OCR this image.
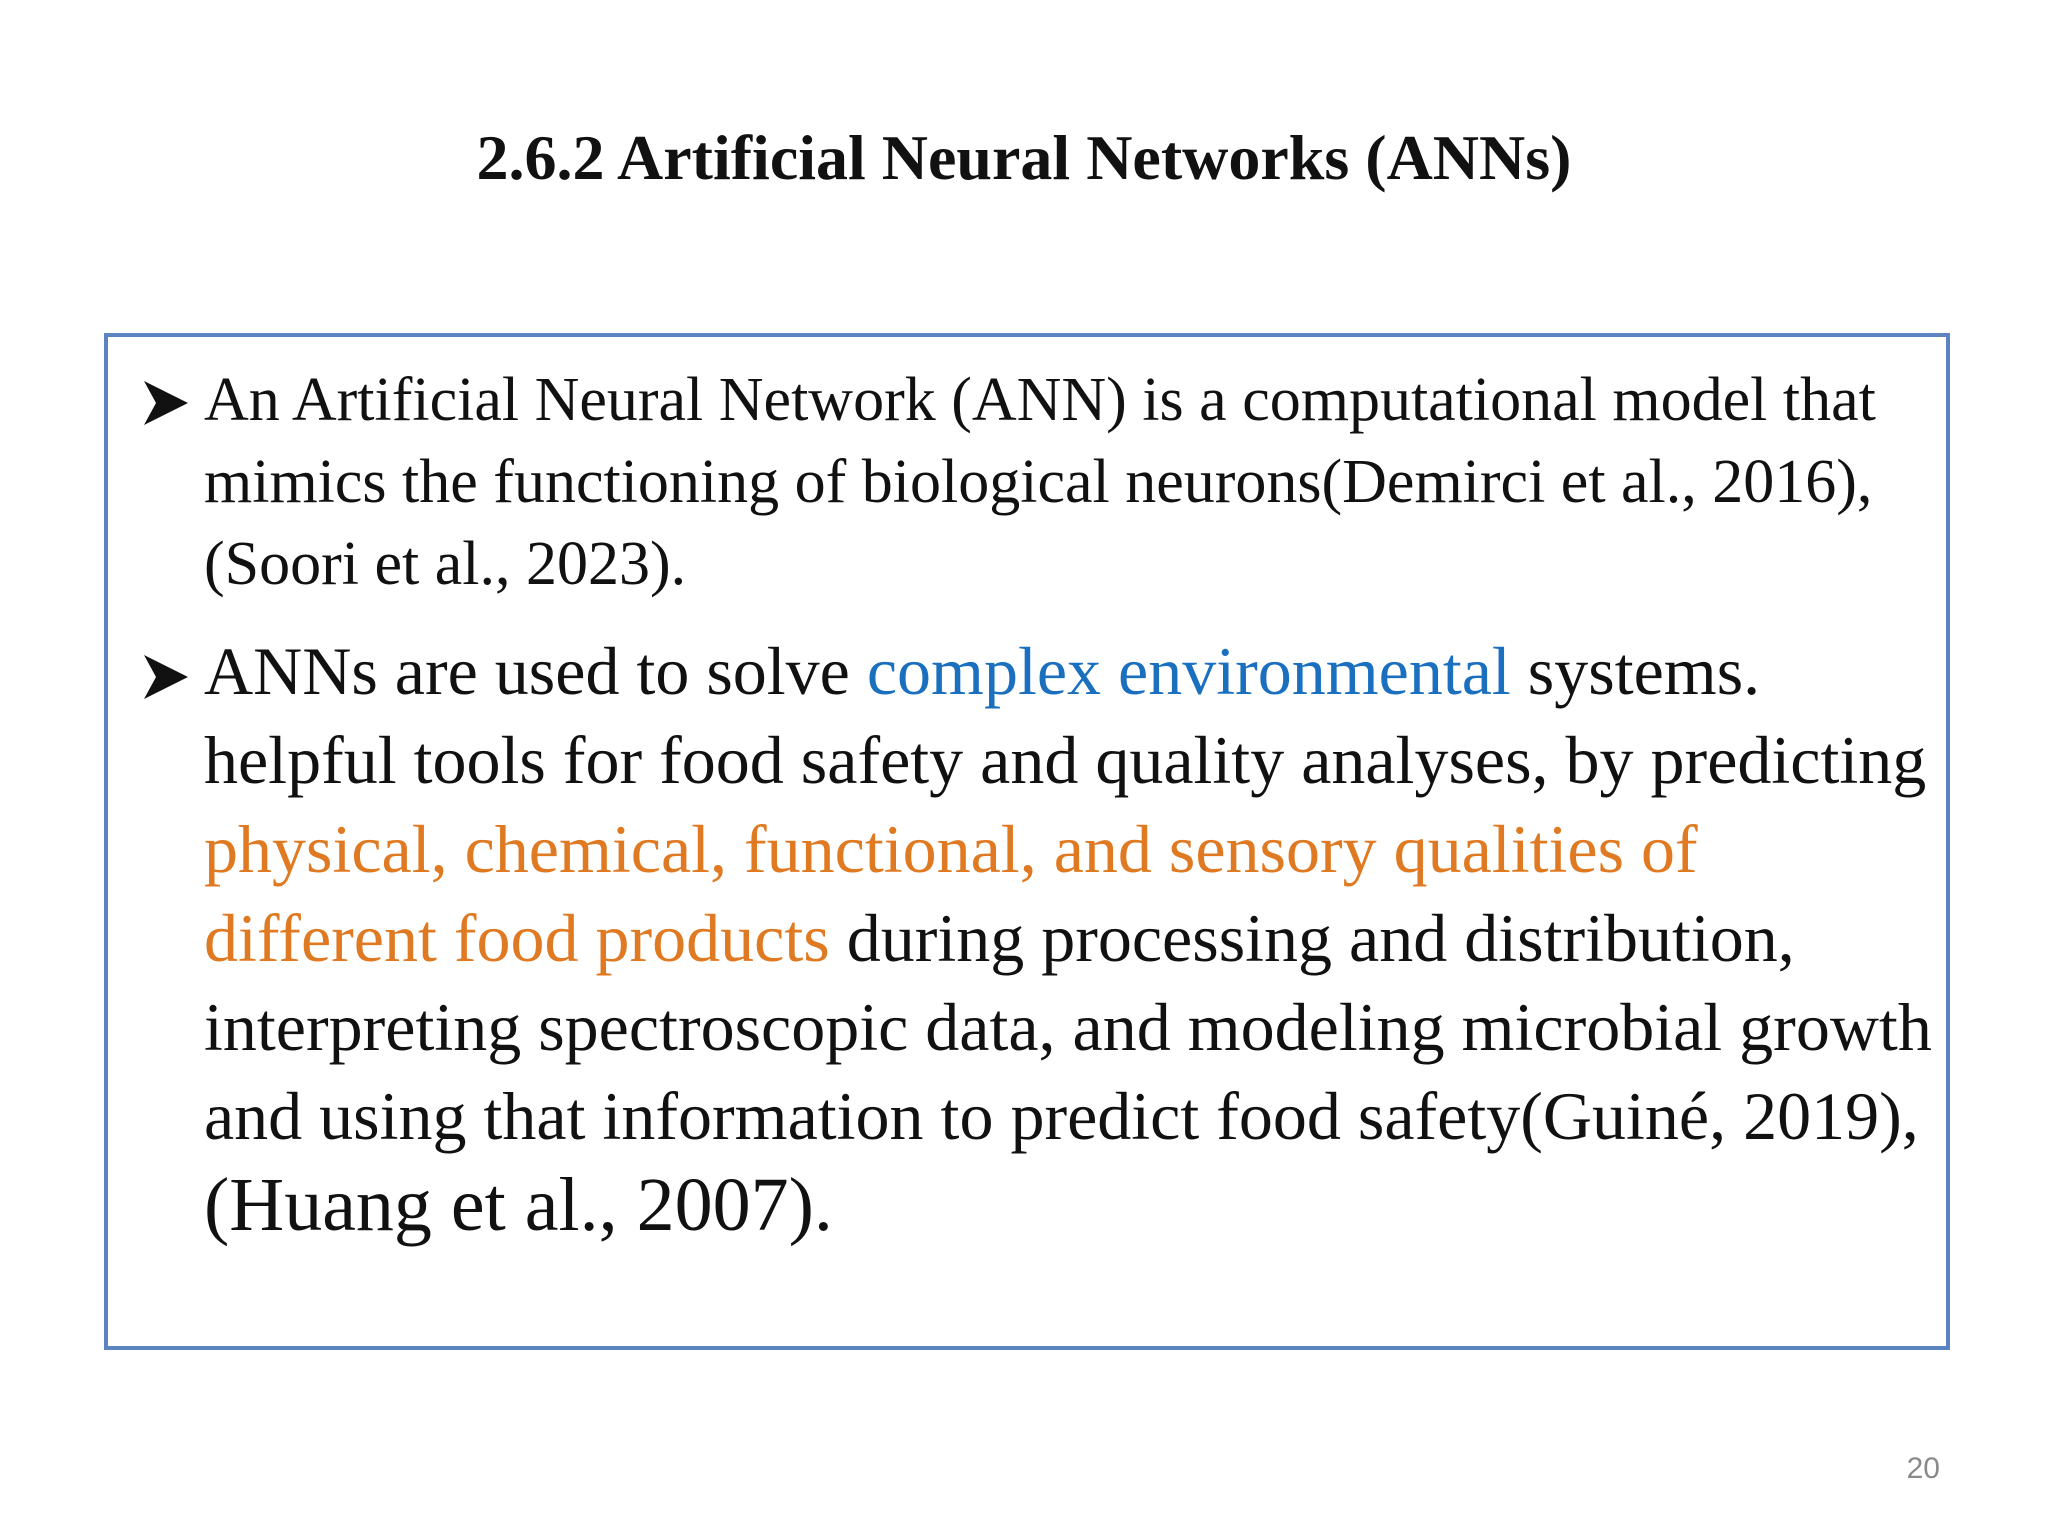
2.6.2 Artificial Neural Networks (ANNs)

An Artificial Neural Network (ANN) is a computational model that mimics the functioning of biological neurons(Demirci et al., 2016), (Soori et al., 2023).

ANNs are used to solve complex environmental systems. helpful tools for food safety and quality analyses, by predicting physical, chemical, functional, and sensory qualities of different food products during processing and distribution, interpreting spectroscopic data, and modeling microbial growth and using that information to predict food safety(Guiné, 2019), (Huang et al., 2007).

20
